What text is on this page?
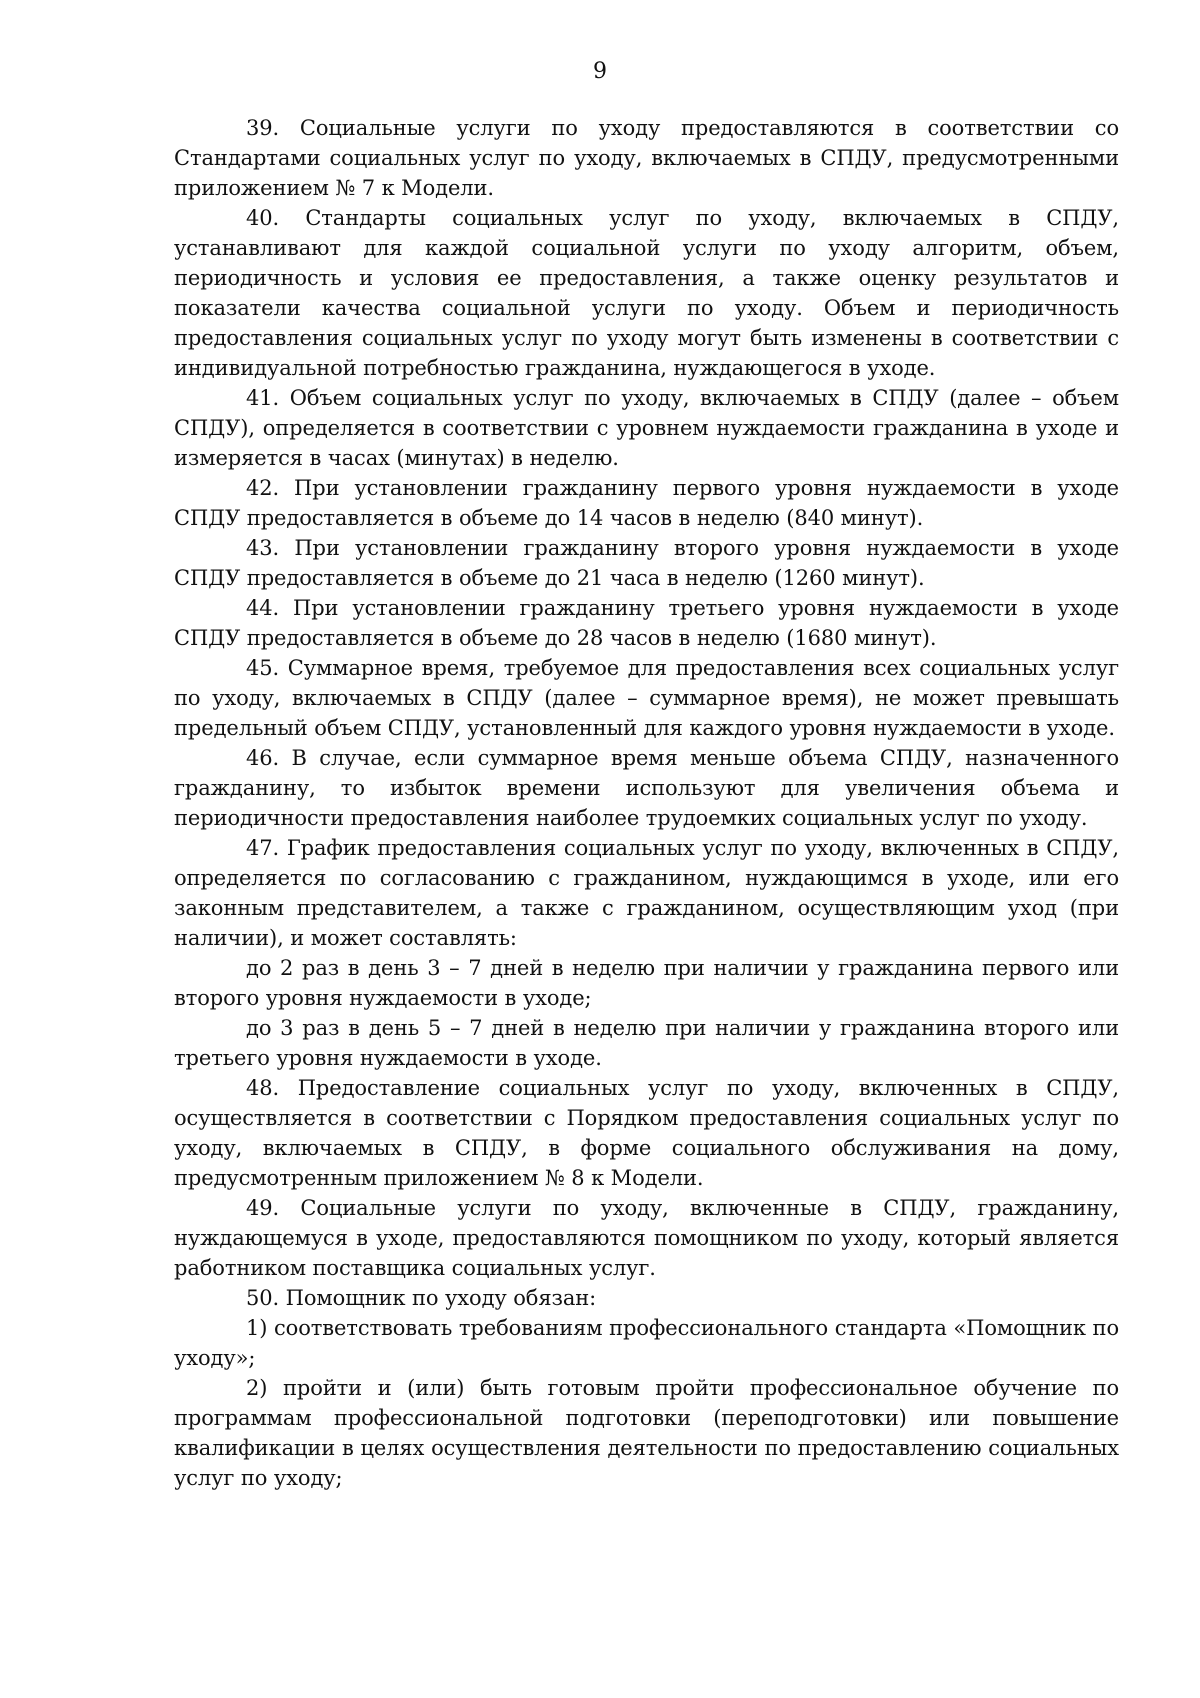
9

39. Социальные услуги по уходу предоставляются в соответствии со Стандартами социальных услуг по уходу, включаемых в СПДУ, предусмотренными приложением № 7 к Модели.

40. Стандарты социальных услуг по уходу, включаемых в СПДУ, устанавливают для каждой социальной услуги по уходу алгоритм, объем, периодичность и условия ее предоставления, а также оценку результатов и показатели качества социальной услуги по уходу. Объем и периодичность предоставления социальных услуг по уходу могут быть изменены в соответствии с индивидуальной потребностью гражданина, нуждающегося в уходе.

41. Объем социальных услуг по уходу, включаемых в СПДУ (далее – объем СПДУ), определяется в соответствии с уровнем нуждаемости гражданина в уходе и измеряется в часах (минутах) в неделю.

42. При установлении гражданину первого уровня нуждаемости в уходе СПДУ предоставляется в объеме до 14 часов в неделю (840 минут).

43. При установлении гражданину второго уровня нуждаемости в уходе СПДУ предоставляется в объеме до 21 часа в неделю (1260 минут).

44. При установлении гражданину третьего уровня нуждаемости в уходе СПДУ предоставляется в объеме до 28 часов в неделю (1680 минут).

45. Суммарное время, требуемое для предоставления всех социальных услуг по уходу, включаемых в СПДУ (далее – суммарное время), не может превышать предельный объем СПДУ, установленный для каждого уровня нуждаемости в уходе.

46. В случае, если суммарное время меньше объема СПДУ, назначенного гражданину, то избыток времени используют для увеличения объема и периодичности предоставления наиболее трудоемких социальных услуг по уходу.

47. График предоставления социальных услуг по уходу, включенных в СПДУ, определяется по согласованию с гражданином, нуждающимся в уходе, или его законным представителем, а также с гражданином, осуществляющим уход (при наличии), и может составлять:

до 2 раз в день 3 – 7 дней в неделю при наличии у гражданина первого или второго уровня нуждаемости в уходе;

до 3 раз в день 5 – 7 дней в неделю при наличии у гражданина второго или третьего уровня нуждаемости в уходе.

48. Предоставление социальных услуг по уходу, включенных в СПДУ, осуществляется в соответствии с Порядком предоставления социальных услуг по уходу, включаемых в СПДУ, в форме социального обслуживания на дому, предусмотренным приложением № 8 к Модели.

49. Социальные услуги по уходу, включенные в СПДУ, гражданину, нуждающемуся в уходе, предоставляются помощником по уходу, который является работником поставщика социальных услуг.

50. Помощник по уходу обязан:

1) соответствовать требованиям профессионального стандарта «Помощник по уходу»;

2) пройти и (или) быть готовым пройти профессиональное обучение по программам профессиональной подготовки (переподготовки) или повышение квалификации в целях осуществления деятельности по предоставлению социальных услуг по уходу;
